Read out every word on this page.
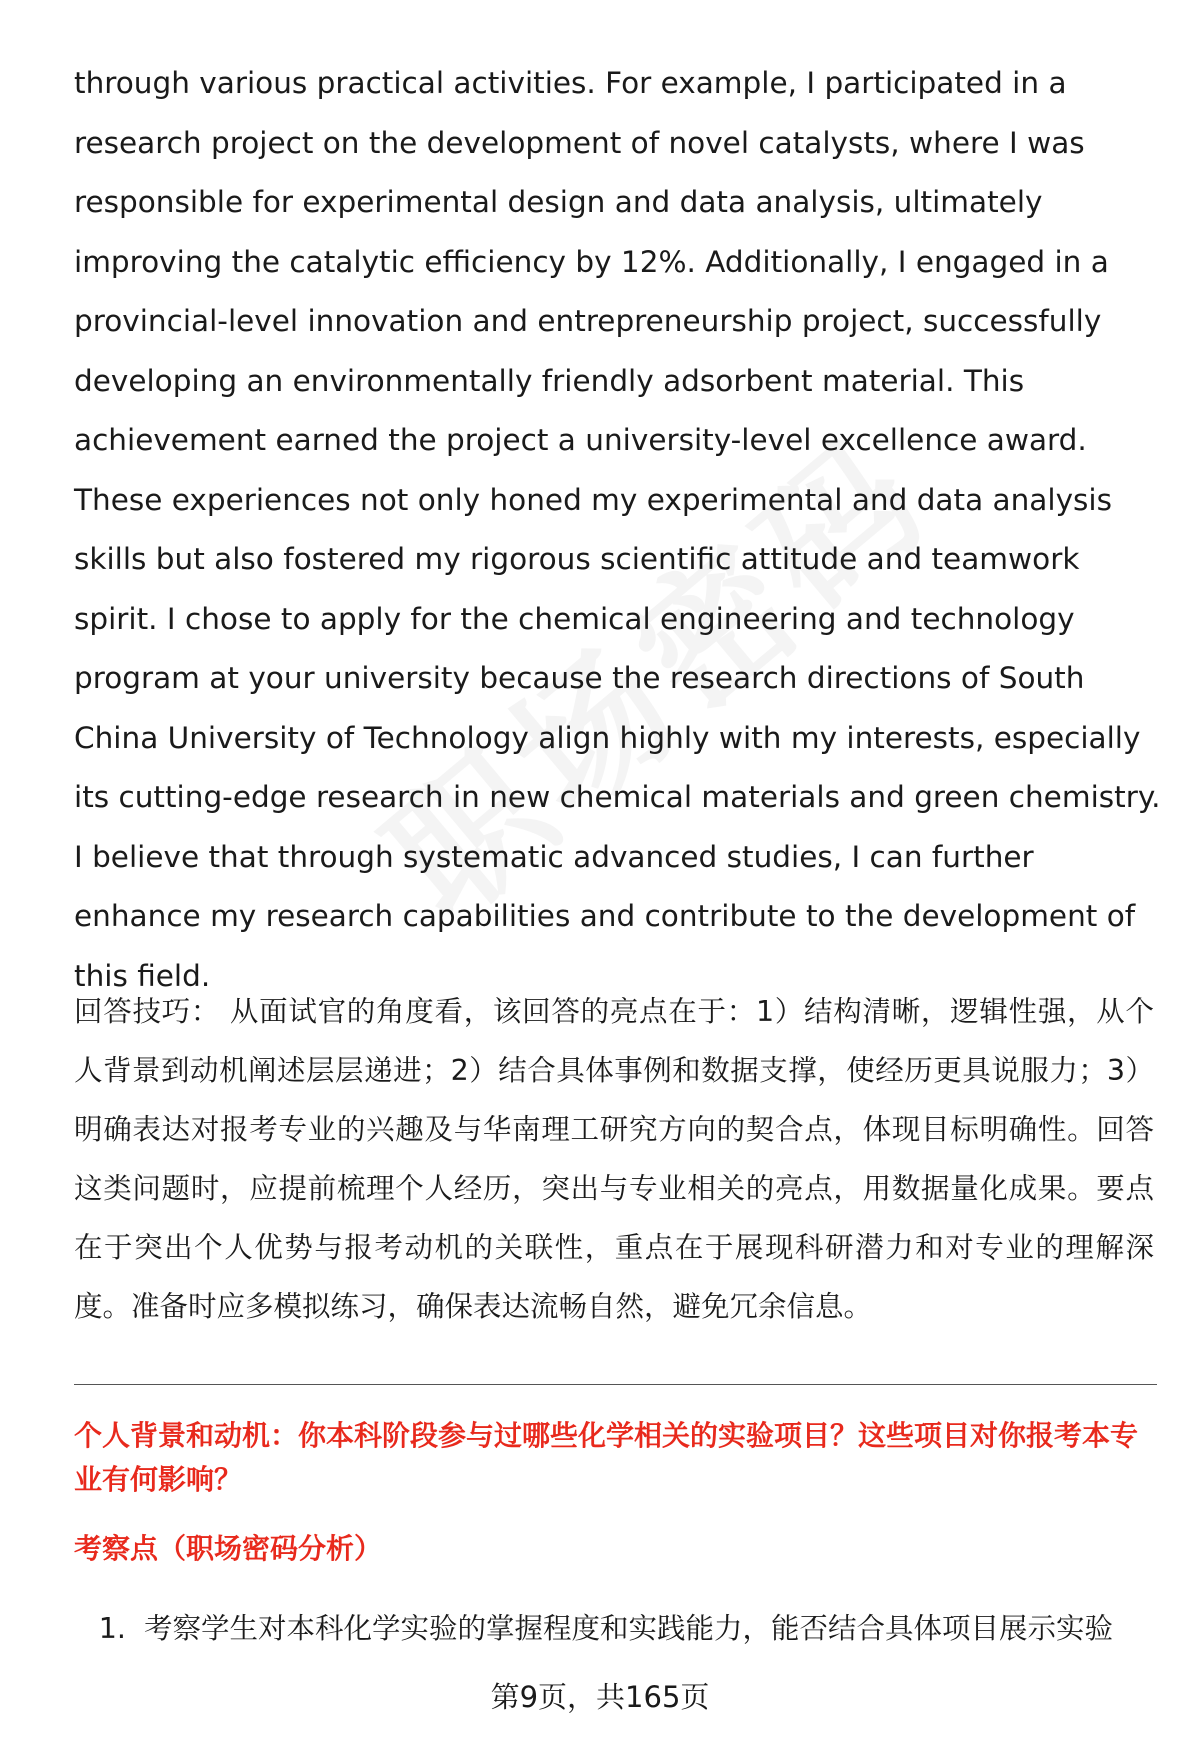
through various practical activities. For example, I participated in a research project on the development of novel catalysts, where I was responsible for experimental design and data analysis, ultimately improving the catalytic efficiency by 12%. Additionally, I engaged in a provincial-level innovation and entrepreneurship project, successfully developing an environmentally friendly adsorbent material. This achievement earned the project a university-level excellence award. These experiences not only honed my experimental and data analysis skills but also fostered my rigorous scientific attitude and teamwork spirit. I chose to apply for the chemical engineering and technology program at your university because the research directions of South China University of Technology align highly with my interests, especially its cutting-edge research in new chemical materials and green chemistry. I believe that through systematic advanced studies, I can further enhance my research capabilities and contribute to the development of this field.

回答技巧： 从面试官的角度看，该回答的亮点在于：1）结构清晰，逻辑性强，从个人背景到动机阐述层层递进；2）结合具体事例和数据支撑，使经历更具说服力；3）明确表达对报考专业的兴趣及与华南理工研究方向的契合点，体现目标明确性。回答这类问题时，应提前梳理个人经历，突出与专业相关的亮点，用数据量化成果。要点在于突出个人优势与报考动机的关联性，重点在于展现科研潜力和对专业的理解深度。准备时应多模拟练习，确保表达流畅自然，避免冗余信息。

个人背景和动机：你本科阶段参与过哪些化学相关的实验项目？这些项目对你报考本专业有何影响？

考察点（职场密码分析）

1. 考察学生对本科化学实验的掌握程度和实践能力，能否结合具体项目展示实验
第9页，共165页
